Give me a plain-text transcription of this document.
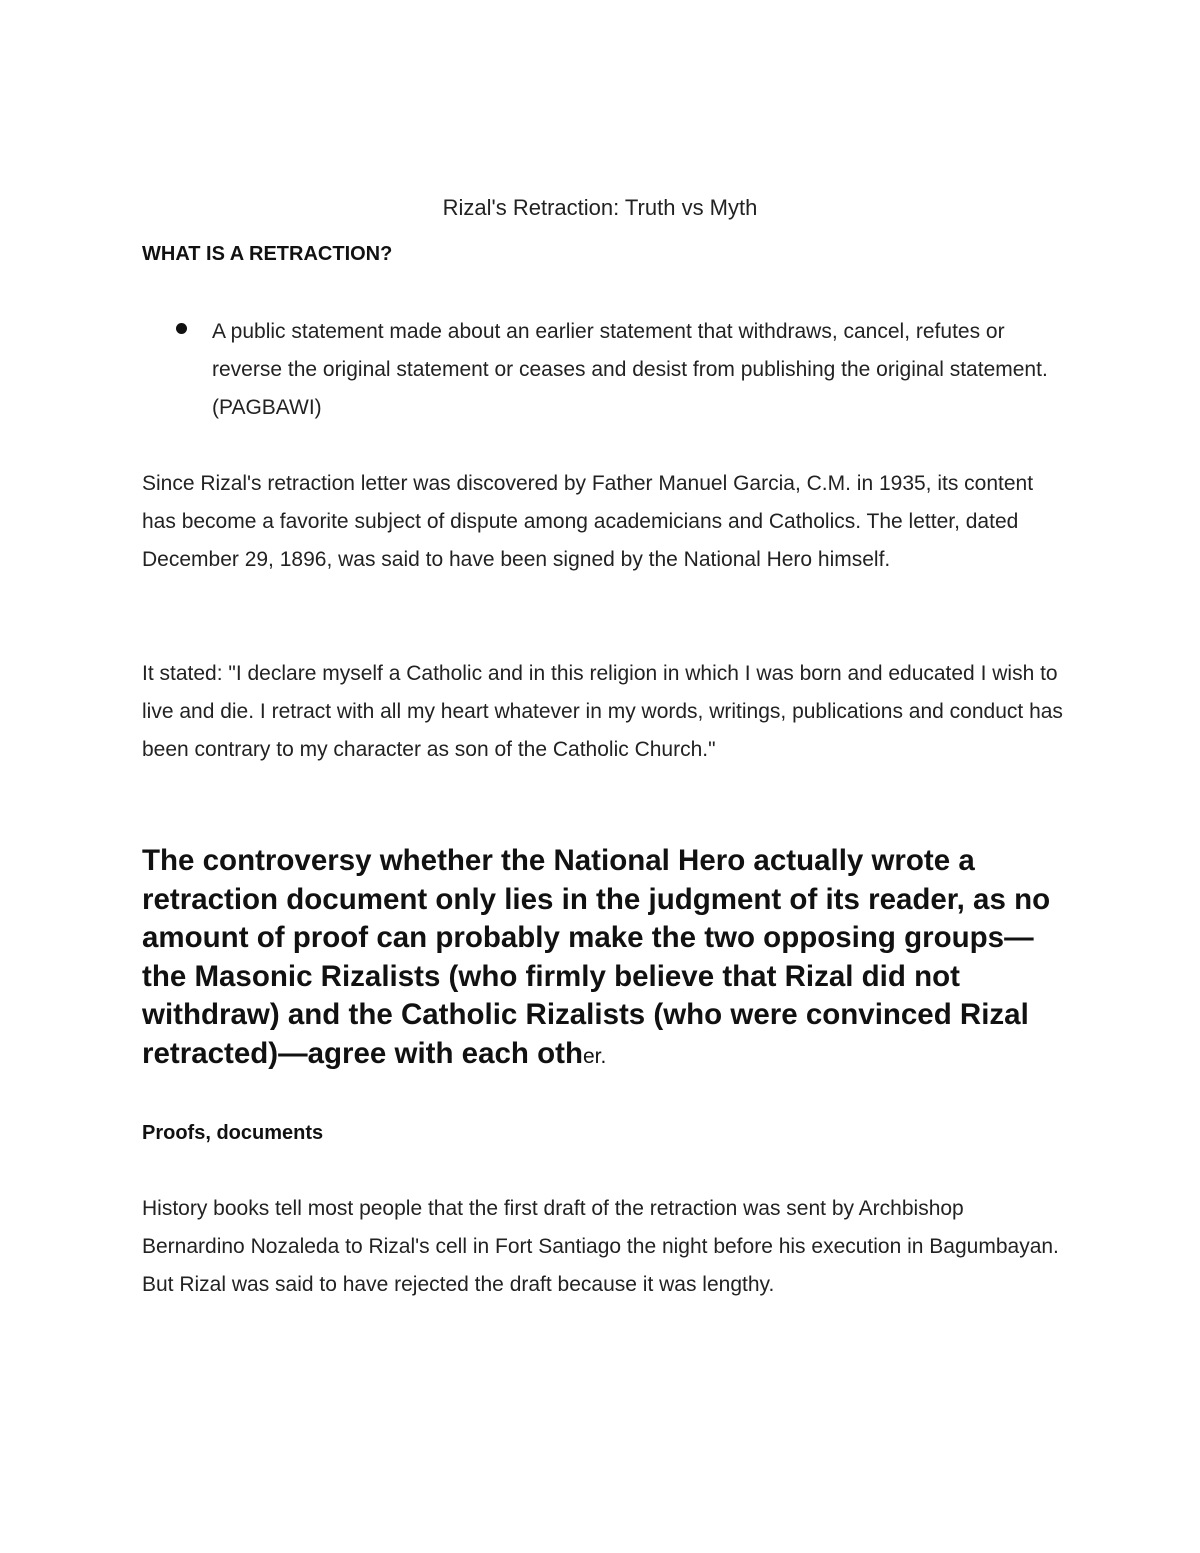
Rizal's Retraction: Truth vs Myth
WHAT IS A RETRACTION?
A public statement made about an earlier statement that withdraws, cancel, refutes or reverse the original statement or ceases and desist from publishing the original statement. (PAGBAWI)
Since Rizal's retraction letter was discovered by Father Manuel Garcia, C.M. in 1935, its content has become a favorite subject of dispute among academicians and Catholics. The letter, dated December 29, 1896, was said to have been signed by the National Hero himself.
It stated: "I declare myself a Catholic and in this religion in which I was born and educated I wish to live and die. I retract with all my heart whatever in my words, writings, publications and conduct has been contrary to my character as son of the Catholic Church."
The controversy whether the National Hero actually wrote a retraction document only lies in the judgment of its reader, as no amount of proof can probably make the two opposing groups—the Masonic Rizalists (who firmly believe that Rizal did not withdraw) and the Catholic Rizalists (who were convinced Rizal retracted)—agree with each other.
Proofs, documents
History books tell most people that the first draft of the retraction was sent by Archbishop Bernardino Nozaleda to Rizal's cell in Fort Santiago the night before his execution in Bagumbayan. But Rizal was said to have rejected the draft because it was lengthy.
